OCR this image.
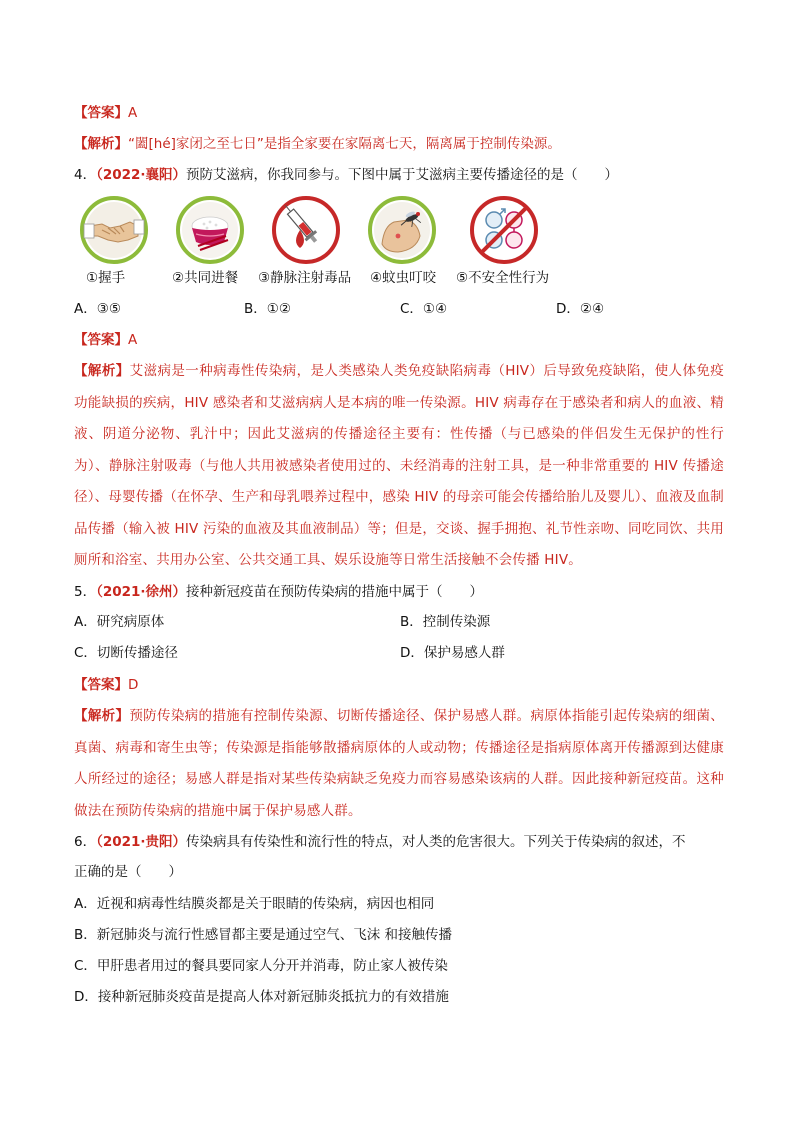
【答案】A
【解析】“闔[hé]家闭之至七日”是指全家要在家隔离七天，隔离属于控制传染源。
4．（2022·襄阳）预防艾滋病，你我同参与。下图中属于艾滋病主要传播途径的是（　　）
①握手	②共同进餐 ③静脉注射毒品 ④蚊虫叮咬 ⑤不安全性行为
A．③⑤	B．①②	C．①④	D．②④
【答案】A
【解析】艾滋病是一种病毒性传染病，是人类感染人类免疫缺陷病毒（HIV）后导致免疫缺陷，使人体免疫功能缺损的疾病，HIV 感染者和艾滋病病人是本病的唯一传染源。HIV 病毒存在于感染者和病人的血液、精液、阴道分泌物、乳汁中；因此艾滋病的传播途径主要有：性传播（与已感染的伴侣发生无保护的性行为）、静脉注射吸毒（与他人共用被感染者使用过的、未经消毒的注射工具，是一种非常重要的 HIV 传播途径）、母婴传播（在怀孕、生产和母乳喂养过程中，感染 HIV 的母亲可能会传播给胎儿及婴儿）、血液及血制品传播（输入被 HIV 污染的血液及其血液制品）等；但是，交谈、握手拥抱、礼节性亲吻、同吃同饮、共用厕所和浴室、共用办公室、公共交通工具、娱乐设施等日常生活接触不会传播 HIV。
5．（2021·徐州）接种新冠疫苗在预防传染病的措施中属于（　　）
A．研究病原体	B．控制传染源
C．切断传播途径	D．保护易感人群
【答案】D
【解析】预防传染病的措施有控制传染源、切断传播途径、保护易感人群。病原体指能引起传染病的细菌、真菌、病毒和寄生虫等；传染源是指能够散播病原体的人或动物；传播途径是指病原体离开传播源到达健康人所经过的途径；易感人群是指对某些传染病缺乏免疫力而容易感染该病的人群。因此接种新冠疫苗。这种做法在预防传染病的措施中属于保护易感人群。
6．（2021·贵阳）传染病具有传染性和流行性的特点，对人类的危害很大。下列关于传染病的叙述，不
正确的是（　　）
A．近视和病毒性结膜炎都是关于眼睛的传染病，病因也相同
B．新冠肺炎与流行性感冒都主要是通过空气、飞沫 和接触传播
C．甲肝患者用过的餐具要同家人分开并消毒，防止家人被传染
D．接种新冠肺炎疫苗是提高人体对新冠肺炎抵抗力的有效措施
